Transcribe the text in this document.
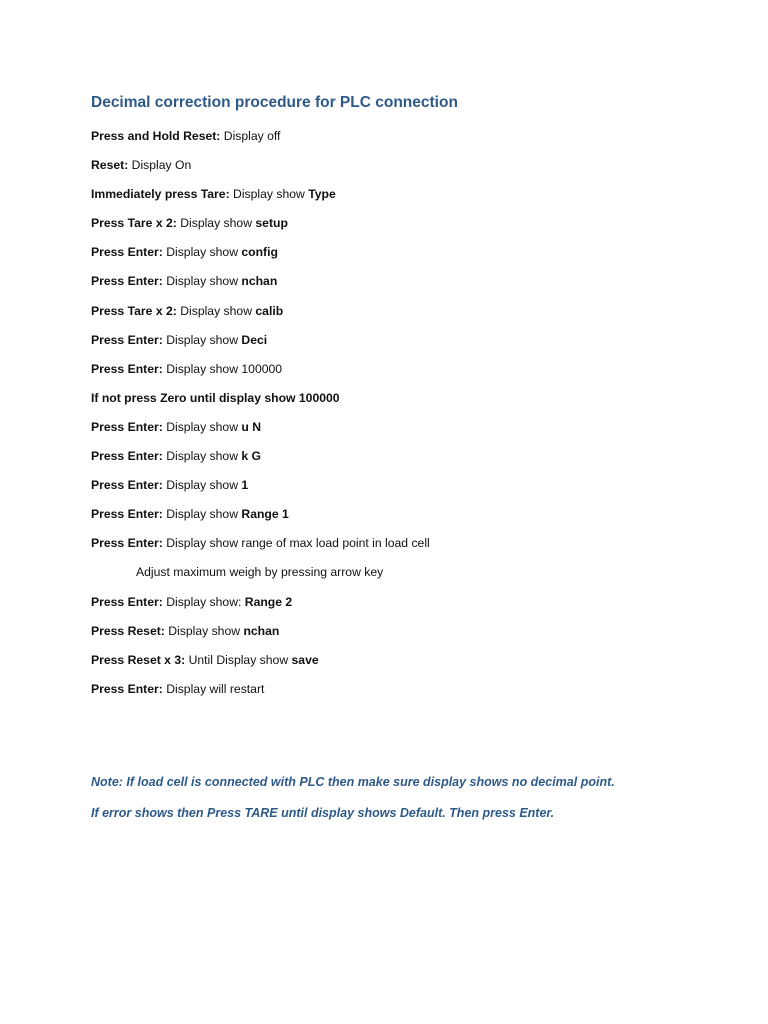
Decimal correction procedure for PLC connection
Press and Hold Reset: Display off
Reset: Display On
Immediately press Tare: Display show Type
Press Tare x 2: Display show setup
Press Enter: Display show config
Press Enter: Display show nchan
Press Tare x 2: Display show calib
Press Enter: Display show Deci
Press Enter: Display show 100000
If not press Zero until display show 100000
Press Enter: Display show u N
Press Enter: Display show k G
Press Enter: Display show 1
Press Enter: Display show Range 1
Press Enter: Display show range of max load point in load cell
Adjust maximum weigh by pressing arrow key
Press Enter: Display show: Range 2
Press Reset: Display show nchan
Press Reset x 3: Until Display show save
Press Enter: Display will restart
Note: If load cell is connected with PLC then make sure display shows no decimal point.
If error shows then Press TARE until display shows Default. Then press Enter.
